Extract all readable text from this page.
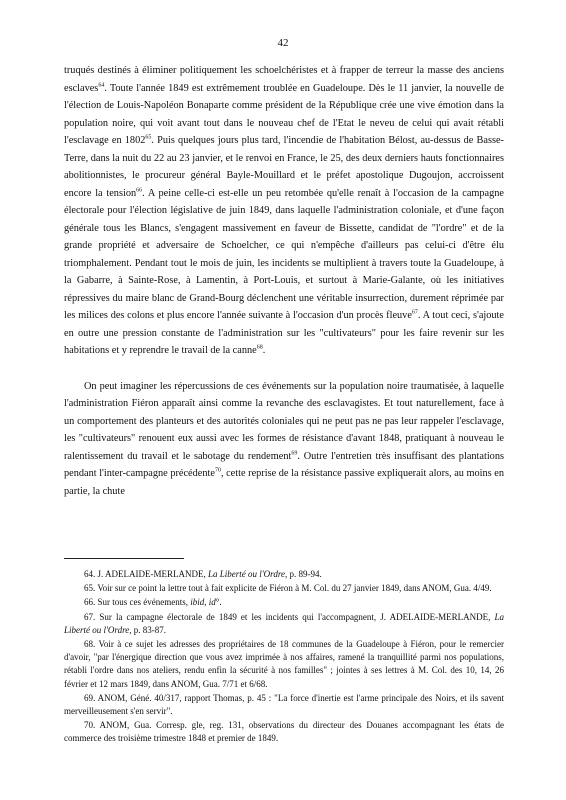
42

truqués destinés à éliminer politiquement les schoelchéristes et à frapper de terreur la masse des anciens esclaves$^{64}$. Toute l'année 1849 est extrêmement troublée en Guadeloupe. Dès le 11 janvier, la nouvelle de l'élection de Louis-Napoléon Bonaparte comme président de la République crée une vive émotion dans la population noire, qui voit avant tout dans le nouveau chef de l'Etat le neveu de celui qui avait rétabli l'esclavage en 1802$^{65}$. Puis quelques jours plus tard, l'incendie de l'habitation Bélost, au-dessus de Basse-Terre, dans la nuit du 22 au 23 janvier, et le renvoi en France, le 25, des deux derniers hauts fonctionnaires abolitionnistes, le procureur général Bayle-Mouillard et le préfet apostolique Dugoujon, accroissent encore la tension$^{66}$. A peine celle-ci est-elle un peu retombée qu'elle renaît à l'occasion de la campagne électorale pour l'élection législative de juin 1849, dans laquelle l'administration coloniale, et d'une façon générale tous les Blancs, s'engagent massivement en faveur de Bissette, candidat de "l'ordre" et de la grande propriété et adversaire de Schoelcher, ce qui n'empêche d'ailleurs pas celui-ci d'être élu triomphalement. Pendant tout le mois de juin, les incidents se multiplient à travers toute la Guadeloupe, à la Gabarre, à Sainte-Rose, à Lamentin, à Port-Louis, et surtout à Marie-Galante, où les initiatives répressives du maire blanc de Grand-Bourg déclenchent une véritable insurrection, durement réprimée par les milices des colons et plus encore l'année suivante à l'occasion d'un procès fleuve$^{67}$. A tout ceci, s'ajoute en outre une pression constante de l'administration sur les "cultivateurs" pour les faire revenir sur les habitations et y reprendre le travail de la canne$^{68}$.

On peut imaginer les répercussions de ces événements sur la population noire traumatisée, à laquelle l'administration Fiéron apparaît ainsi comme la revanche des esclavagistes. Et tout naturellement, face à un comportement des planteurs et des autorités coloniales qui ne peut pas ne pas leur rappeler l'esclavage, les "cultivateurs" renouent eux aussi avec les formes de résistance d'avant 1848, pratiquant à nouveau le ralentissement du travail et le sabotage du rendement$^{69}$. Outre l'entretien très insuffisant des plantations pendant l'inter-campagne précédente$^{70}$, cette reprise de la résistance passive expliquerait alors, au moins en partie, la chute

64. J. ADELAIDE-MERLANDE, La Liberté ou l'Ordre, p. 89-94.

65. Voir sur ce point la lettre tout à fait explicite de Fiéron à M. Col. du 27 janvier 1849, dans ANOM, Gua. 4/49.

66. Sur tous ces événements, ibid, id°.

67. Sur la campagne électorale de 1849 et les incidents qui l'accompagnent, J. ADELAIDE-MERLANDE, La Liberté ou l'Ordre, p. 83-87.

68. Voir à ce sujet les adresses des propriétaires de 18 communes de la Guadeloupe à Fiéron, pour le remercier d'avoir, "par l'énergique direction que vous avez imprimée à nos affaires, ramené la tranquillité parmi nos populations, rétabli l'ordre dans nos ateliers, rendu enfin la sécurité à nos familles" ; jointes à ses lettres à M. Col. des 10, 14, 26 février et 12 mars 1849, dans ANOM, Gua. 7/71 et 6/68.

69. ANOM, Géné. 40/317, rapport Thomas, p. 45 : "La force d'inertie est l'arme principale des Noirs, et ils savent merveilleusement s'en servir".

70. ANOM, Gua. Corresp. gle, reg. 131, observations du directeur des Douanes accompagnant les états de commerce des troisième trimestre 1848 et premier de 1849.
